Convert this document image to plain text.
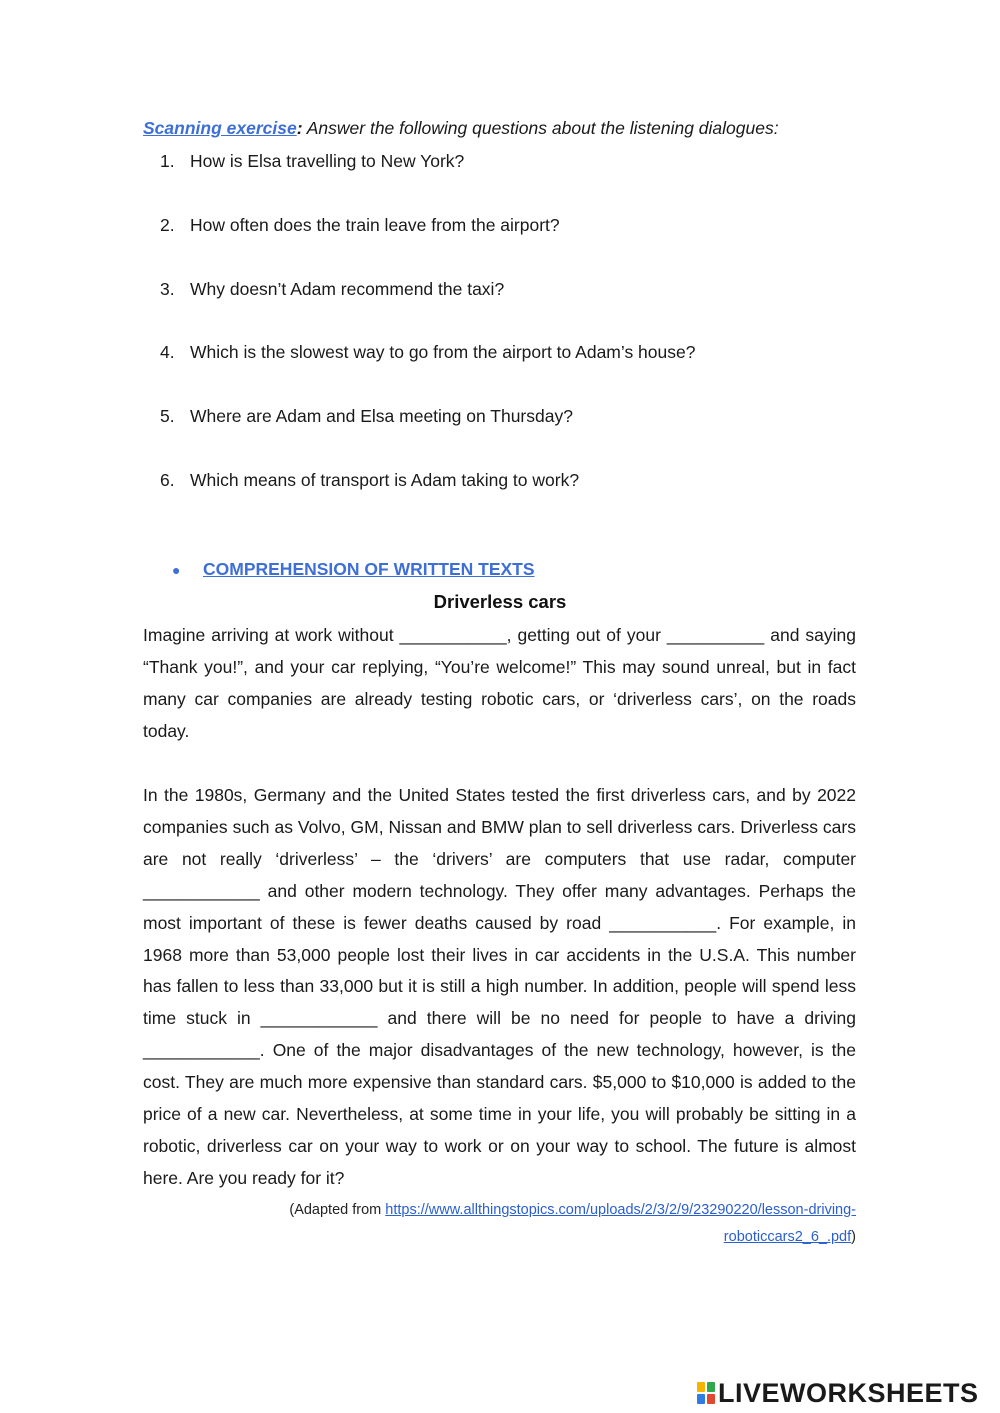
Scanning exercise: Answer the following questions about the listening dialogues:
1. How is Elsa travelling to New York?
2. How often does the train leave from the airport?
3. Why doesn’t Adam recommend the taxi?
4. Which is the slowest way to go from the airport to Adam’s house?
5. Where are Adam and Elsa meeting on Thursday?
6. Which means of transport is Adam taking to work?
● COMPREHENSION OF WRITTEN TEXTS
Driverless cars

Imagine arriving at work without ___________, getting out of your __________ and saying “Thank you!”, and your car replying, “You’re welcome!” This may sound unreal, but in fact many car companies are already testing robotic cars, or ‘driverless cars’, on the roads today.

In the 1980s, Germany and the United States tested the first driverless cars, and by 2022 companies such as Volvo, GM, Nissan and BMW plan to sell driverless cars. Driverless cars are not really ‘driverless’ – the ‘drivers’ are computers that use radar, computer ____________ and other modern technology. They offer many advantages. Perhaps the most important of these is fewer deaths caused by road ___________. For example, in 1968 more than 53,000 people lost their lives in car accidents in the U.S.A. This number has fallen to less than 33,000 but it is still a high number. In addition, people will spend less time stuck in ____________ and there will be no need for people to have a driving ____________. One of the major disadvantages of the new technology, however, is the cost. They are much more expensive than standard cars. $5,000 to $10,000 is added to the price of a new car. Nevertheless, at some time in your life, you will probably be sitting in a robotic, driverless car on your way to work or on your way to school. The future is almost here. Are you ready for it?

(Adapted from https://www.allthingstopics.com/uploads/2/3/2/9/23290220/lesson-driving-roboticcars2_6_.pdf)
LIVEWORKSHEETS
